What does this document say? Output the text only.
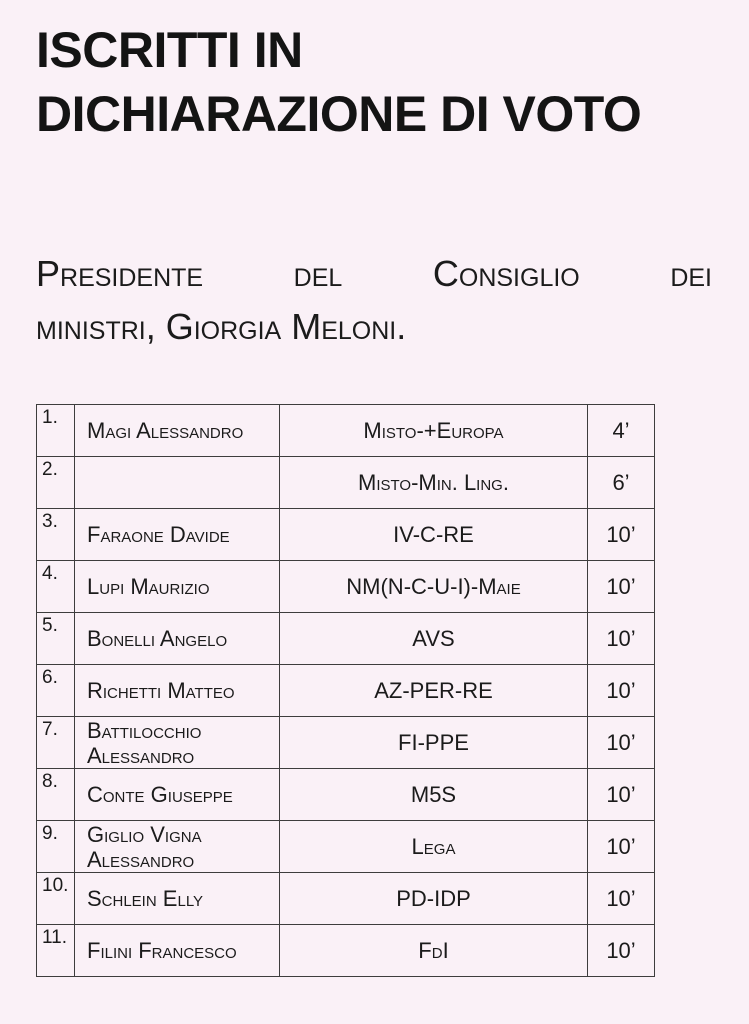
ISCRITTI IN
DICHIARAZIONE DI VOTO

Presidente del Consiglio dei
ministri, Giorgia Meloni.

1.	Magi Alessandro	Misto-+Europa	4’
2.		Misto-Min. Ling.	6’
3.	Faraone Davide	IV-C-RE	10’
4.	Lupi Maurizio	NM(N-C-U-I)-Maie	10’
5.	Bonelli Angelo	AVS	10’
6.	Richetti Matteo	AZ-PER-RE	10’
7.	Battilocchio Alessandro	FI-PPE	10’
8.	Conte Giuseppe	M5S	10’
9.	Giglio Vigna Alessandro	Lega	10’
10.	Schlein Elly	PD-IDP	10’
11.	Filini Francesco	FdI	10’
